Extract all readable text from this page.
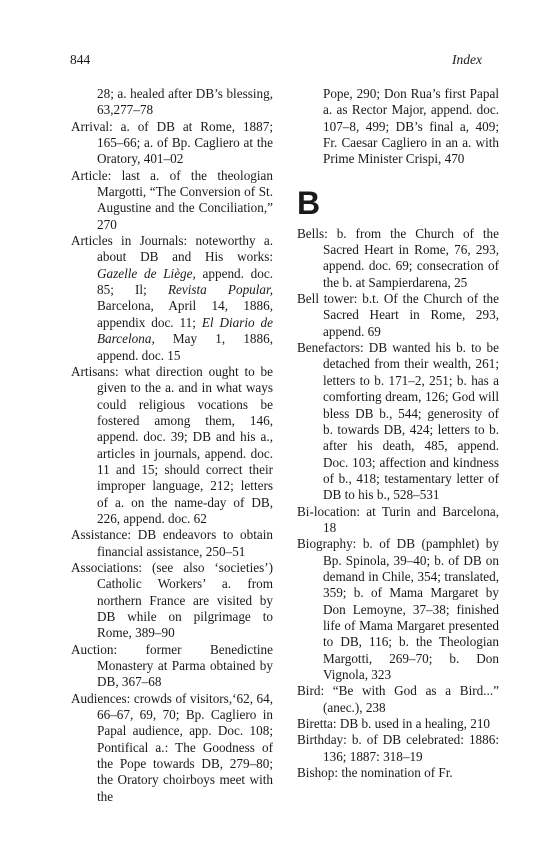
844	Index
28; a. healed after DB’s blessing, 63,277–78
Arrival: a. of DB at Rome, 1887; 165–66; a. of Bp. Cagliero at the Oratory, 401–02
Article: last a. of the theologian Margotti, “The Conversion of St. Augustine and the Conciliation,” 270
Articles in Journals: noteworthy a. about DB and His works: Gazelle de Liège, append. doc. 85; Il; Revista Popular, Barcelona, April 14, 1886, appendix doc. 11; El Diario de Barcelona, May 1, 1886, append. doc. 15
Artisans: what direction ought to be given to the a. and in what ways could religious vocations be fostered among them, 146, append. doc. 39; DB and his a., articles in journals, append. doc. 11 and 15; should correct their improper language, 212; letters of a. on the name-day of DB, 226, append. doc. 62
Assistance: DB endeavors to obtain financial assistance, 250–51
Associations: (see also ‘societies’) Catholic Workers’ a. from northern France are visited by DB while on pilgrimage to Rome, 389–90
Auction: former Benedictine Monastery at Parma obtained by DB, 367–68
Audiences: crowds of visitors,‘62, 64, 66–67, 69, 70; Bp. Cagliero in Papal audience, app. Doc. 108; Pontifical a.: The Goodness of the Pope towards DB, 279–80; the Oratory choirboys meet with the
Pope, 290; Don Rua’s first Papal a. as Rector Major, append. doc. 107–8, 499; DB’s final a, 409; Fr. Caesar Cagliero in an a. with Prime Minister Crispi, 470
B
Bells: b. from the Church of the Sacred Heart in Rome, 76, 293, append. doc. 69; consecration of the b. at Sampierdarena, 25
Bell tower: b.t. Of the Church of the Sacred Heart in Rome, 293, append. 69
Benefactors: DB wanted his b. to be detached from their wealth, 261; letters to b. 171–2, 251; b. has a comforting dream, 126; God will bless DB b., 544; generosity of b. towards DB, 424; letters to b. after his death, 485, append. Doc. 103; affection and kindness of b., 418; testamentary letter of DB to his b., 528–531
Bi-location: at Turin and Barcelona, 18
Biography: b. of DB (pamphlet) by Bp. Spinola, 39–40; b. of DB on demand in Chile, 354; translated, 359; b. of Mama Margaret by Don Lemoyne, 37–38; finished life of Mama Margaret presented to DB, 116; b. the Theologian Margotti, 269–70; b. Don Vignola, 323
Bird: “Be with God as a Bird...” (anec.), 238
Biretta: DB b. used in a healing, 210
Birthday: b. of DB celebrated: 1886: 136; 1887: 318–19
Bishop: the nomination of Fr.
